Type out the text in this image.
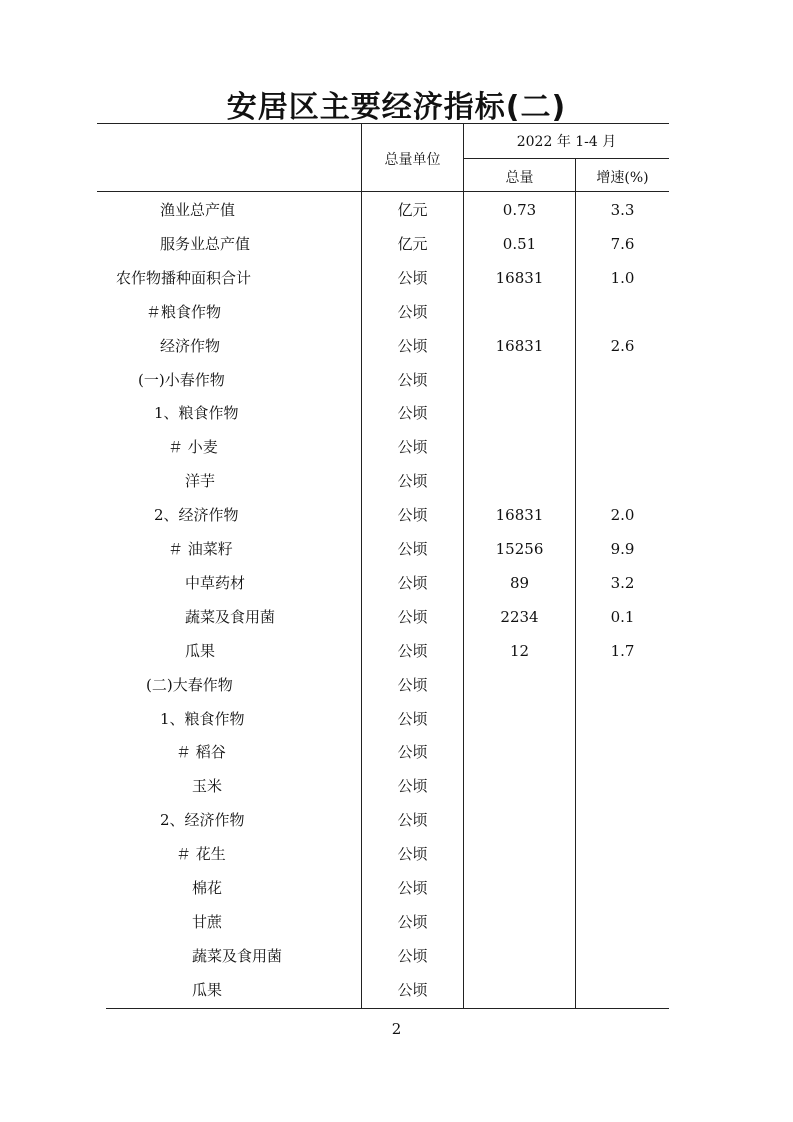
安居区主要经济指标(二)
总量单位
2022 年 1-4 月
总量	增速(%)
渔业总产值	亿元	0.73	3.3
服务业总产值	亿元	0.51	7.6
农作物播种面积合计	公顷	16831	1.0
＃粮食作物	公顷
经济作物	公顷	16831	2.6
(一)小春作物	公顷
1、粮食作物	公顷
＃ 小麦	公顷
洋芋	公顷
2、经济作物	公顷	16831	2.0
＃ 油菜籽	公顷	15256	9.9
中草药材	公顷	89	3.2
蔬菜及食用菌	公顷	2234	0.1
瓜果	公顷	12	1.7
(二)大春作物	公顷
1、粮食作物	公顷
＃ 稻谷	公顷
玉米	公顷
2、经济作物	公顷
＃ 花生	公顷
棉花	公顷
甘蔗	公顷
蔬菜及食用菌	公顷
瓜果	公顷
2
